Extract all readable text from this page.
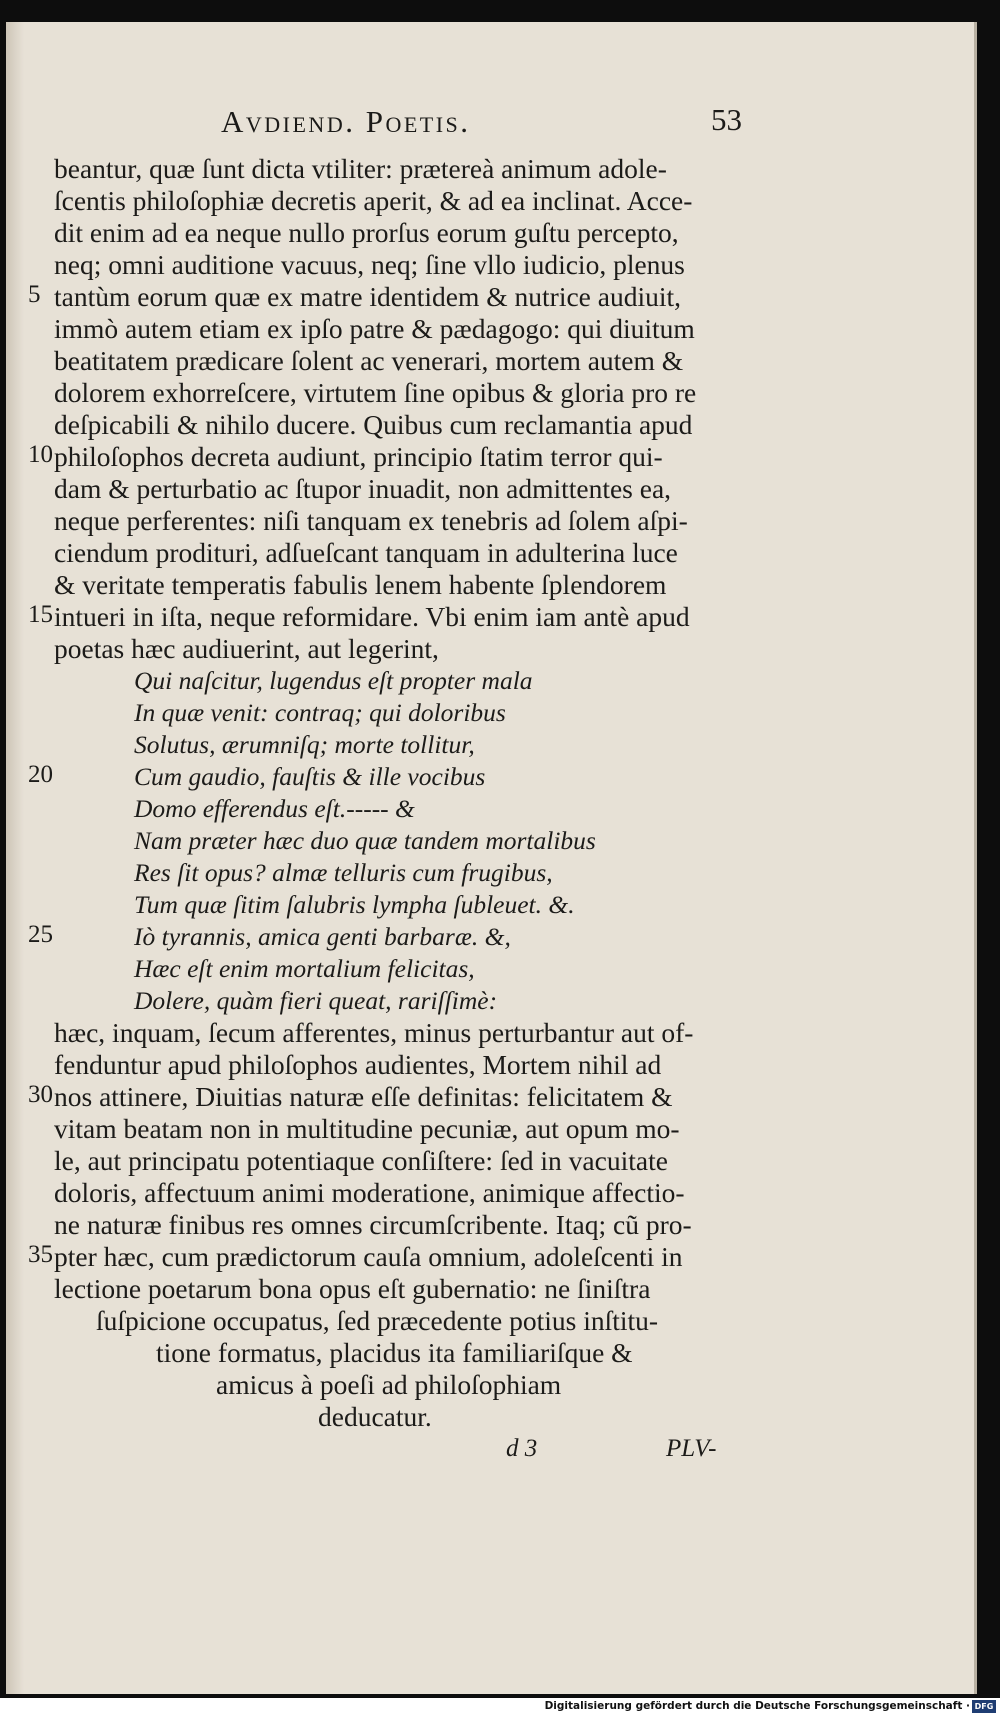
Avdiend. Poetis.	53
beantur, quæ ſunt dicta vtiliter: prætereà animum adole-
ſcentis philoſophiæ decretis aperit, & ad ea inclinat. Acce-
dit enim ad ea neque nullo prorſus eorum guſtu percepto,
neq; omni auditione vacuus, neq; ſine vllo iudicio, plenus
tantùm eorum quæ ex matre identidem & nutrice audiuit,
immò autem etiam ex ipſo patre & pædagogo: qui diuitum
beatitatem prædicare ſolent ac venerari, mortem autem &
dolorem exhorreſcere, virtutem ſine opibus & gloria pro re
deſpicabili & nihilo ducere. Quibus cum reclamantia apud
philoſophos decreta audiunt, principio ſtatim terror qui-
dam & perturbatio ac ſtupor inuadit, non admittentes ea,
neque perferentes: niſi tanquam ex tenebris ad ſolem aſpi-
ciendum prodituri, adſueſcant tanquam in adulterina luce
& veritate temperatis fabulis lenem habente ſplendorem
intueri in iſta, neque reformidare. Vbi enim iam antè apud
poetas hæc audiuerint, aut legerint,
Qui naſcitur, lugendus eſt propter mala
In quæ venit: contraq; qui doloribus
Solutus, ærumniſq; morte tollitur,
Cum gaudio, fauſtis & ille vocibus
Domo efferendus eſt.----- &
Nam præter hæc duo quæ tandem mortalibus
Res ſit opus? almæ telluris cum frugibus,
Tum quæ ſitim ſalubris lympha ſubleuet. &.
Iò tyrannis, amica genti barbaræ. &,
Hæc eſt enim mortalium felicitas,
Dolere, quàm fieri queat, rariſſimè:
hæc, inquam, ſecum afferentes, minus perturbantur aut of-
fenduntur apud philoſophos audientes, Mortem nihil ad
nos attinere, Diuitias naturæ eſſe definitas: felicitatem &
vitam beatam non in multitudine pecuniæ, aut opum mo-
le, aut principatu potentiaque conſiſtere: ſed in vacuitate
doloris, affectuum animi moderatione, animique affectio-
ne naturæ finibus res omnes circumſcribente. Itaq; cũ pro-
pter hæc, cum prædictorum cauſa omnium, adoleſcenti in
lectione poetarum bona opus eſt gubernatio: ne ſiniſtra
ſuſpicione occupatus, ſed præcedente potius inſtitu-
tione formatus, placidus ita familiariſque &
amicus à poeſi ad philoſophiam
deducatur.
5
10
15
20
25
30
35
d 3	PLV-
Digitalisierung gefördert durch die Deutsche Forschungsgemeinschaft · DFG
